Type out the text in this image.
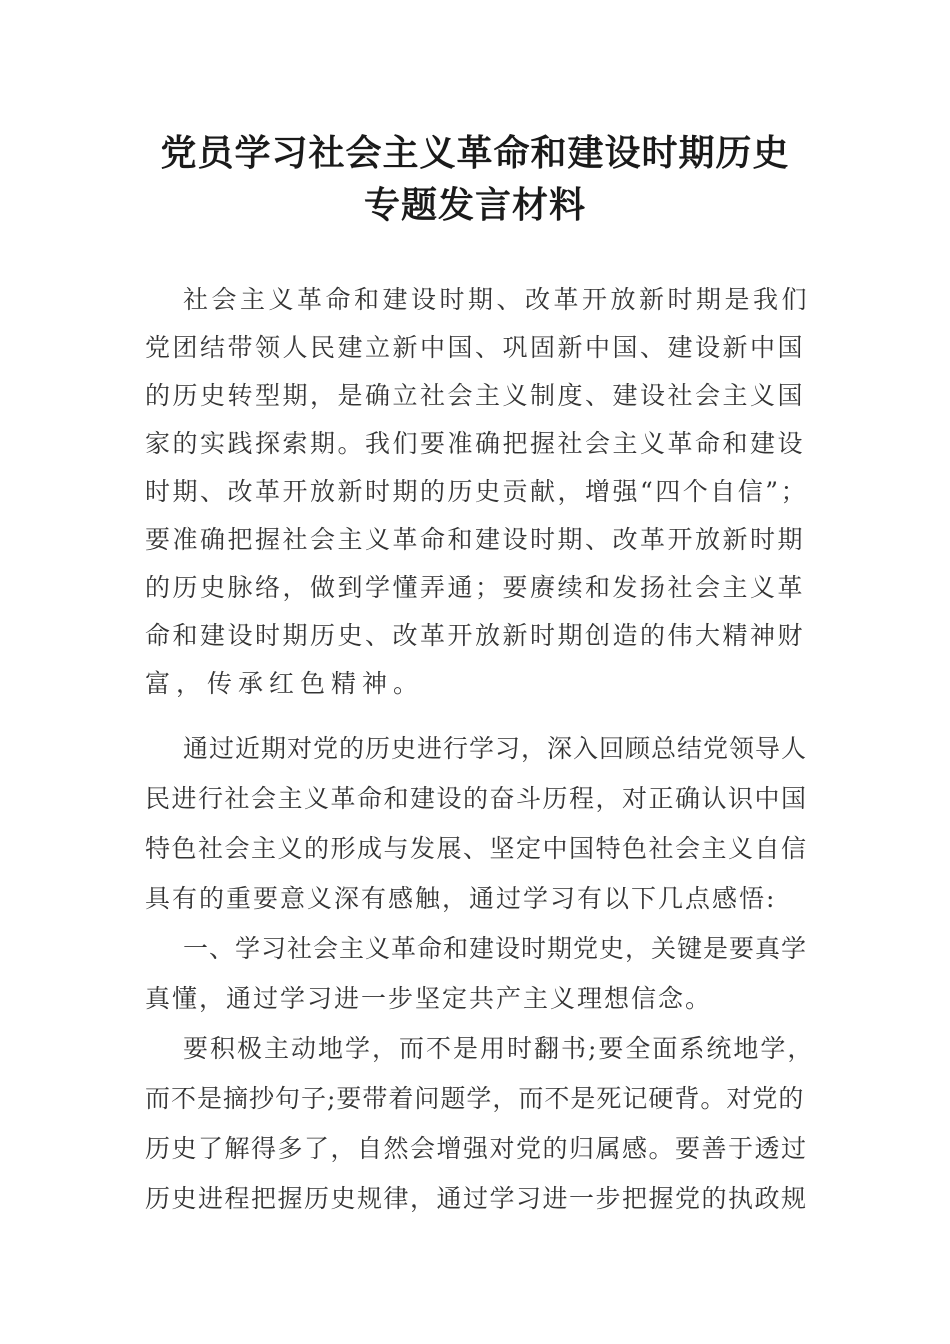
党员学习社会主义革命和建设时期历史
专题发言材料
社会主义革命和建设时期、改革开放新时期是我们
党团结带领人民建立新中国、巩固新中国、建设新中国
的历史转型期，是确立社会主义制度、建设社会主义国
家的实践探索期。我们要准确把握社会主义革命和建设
时期、改革开放新时期的历史贡献，增强“四个自信”；
要准确把握社会主义革命和建设时期、改革开放新时期
的历史脉络，做到学懂弄通；要赓续和发扬社会主义革
命和建设时期历史、改革开放新时期创造的伟大精神财
富，传承红色精神。
通过近期对党的历史进行学习，深入回顾总结党领导人
民进行社会主义革命和建设的奋斗历程，对正确认识中国
特色社会主义的形成与发展、坚定中国特色社会主义自信
具有的重要意义深有感触，通过学习有以下几点感悟:
一、学习社会主义革命和建设时期党史，关键是要真学
真懂，通过学习进一步坚定共产主义理想信念。
要积极主动地学，而不是用时翻书;要全面系统地学，
而不是摘抄句子;要带着问题学，而不是死记硬背。对党的
历史了解得多了，自然会增强对党的归属感。要善于透过
历史进程把握历史规律，通过学习进一步把握党的执政规
